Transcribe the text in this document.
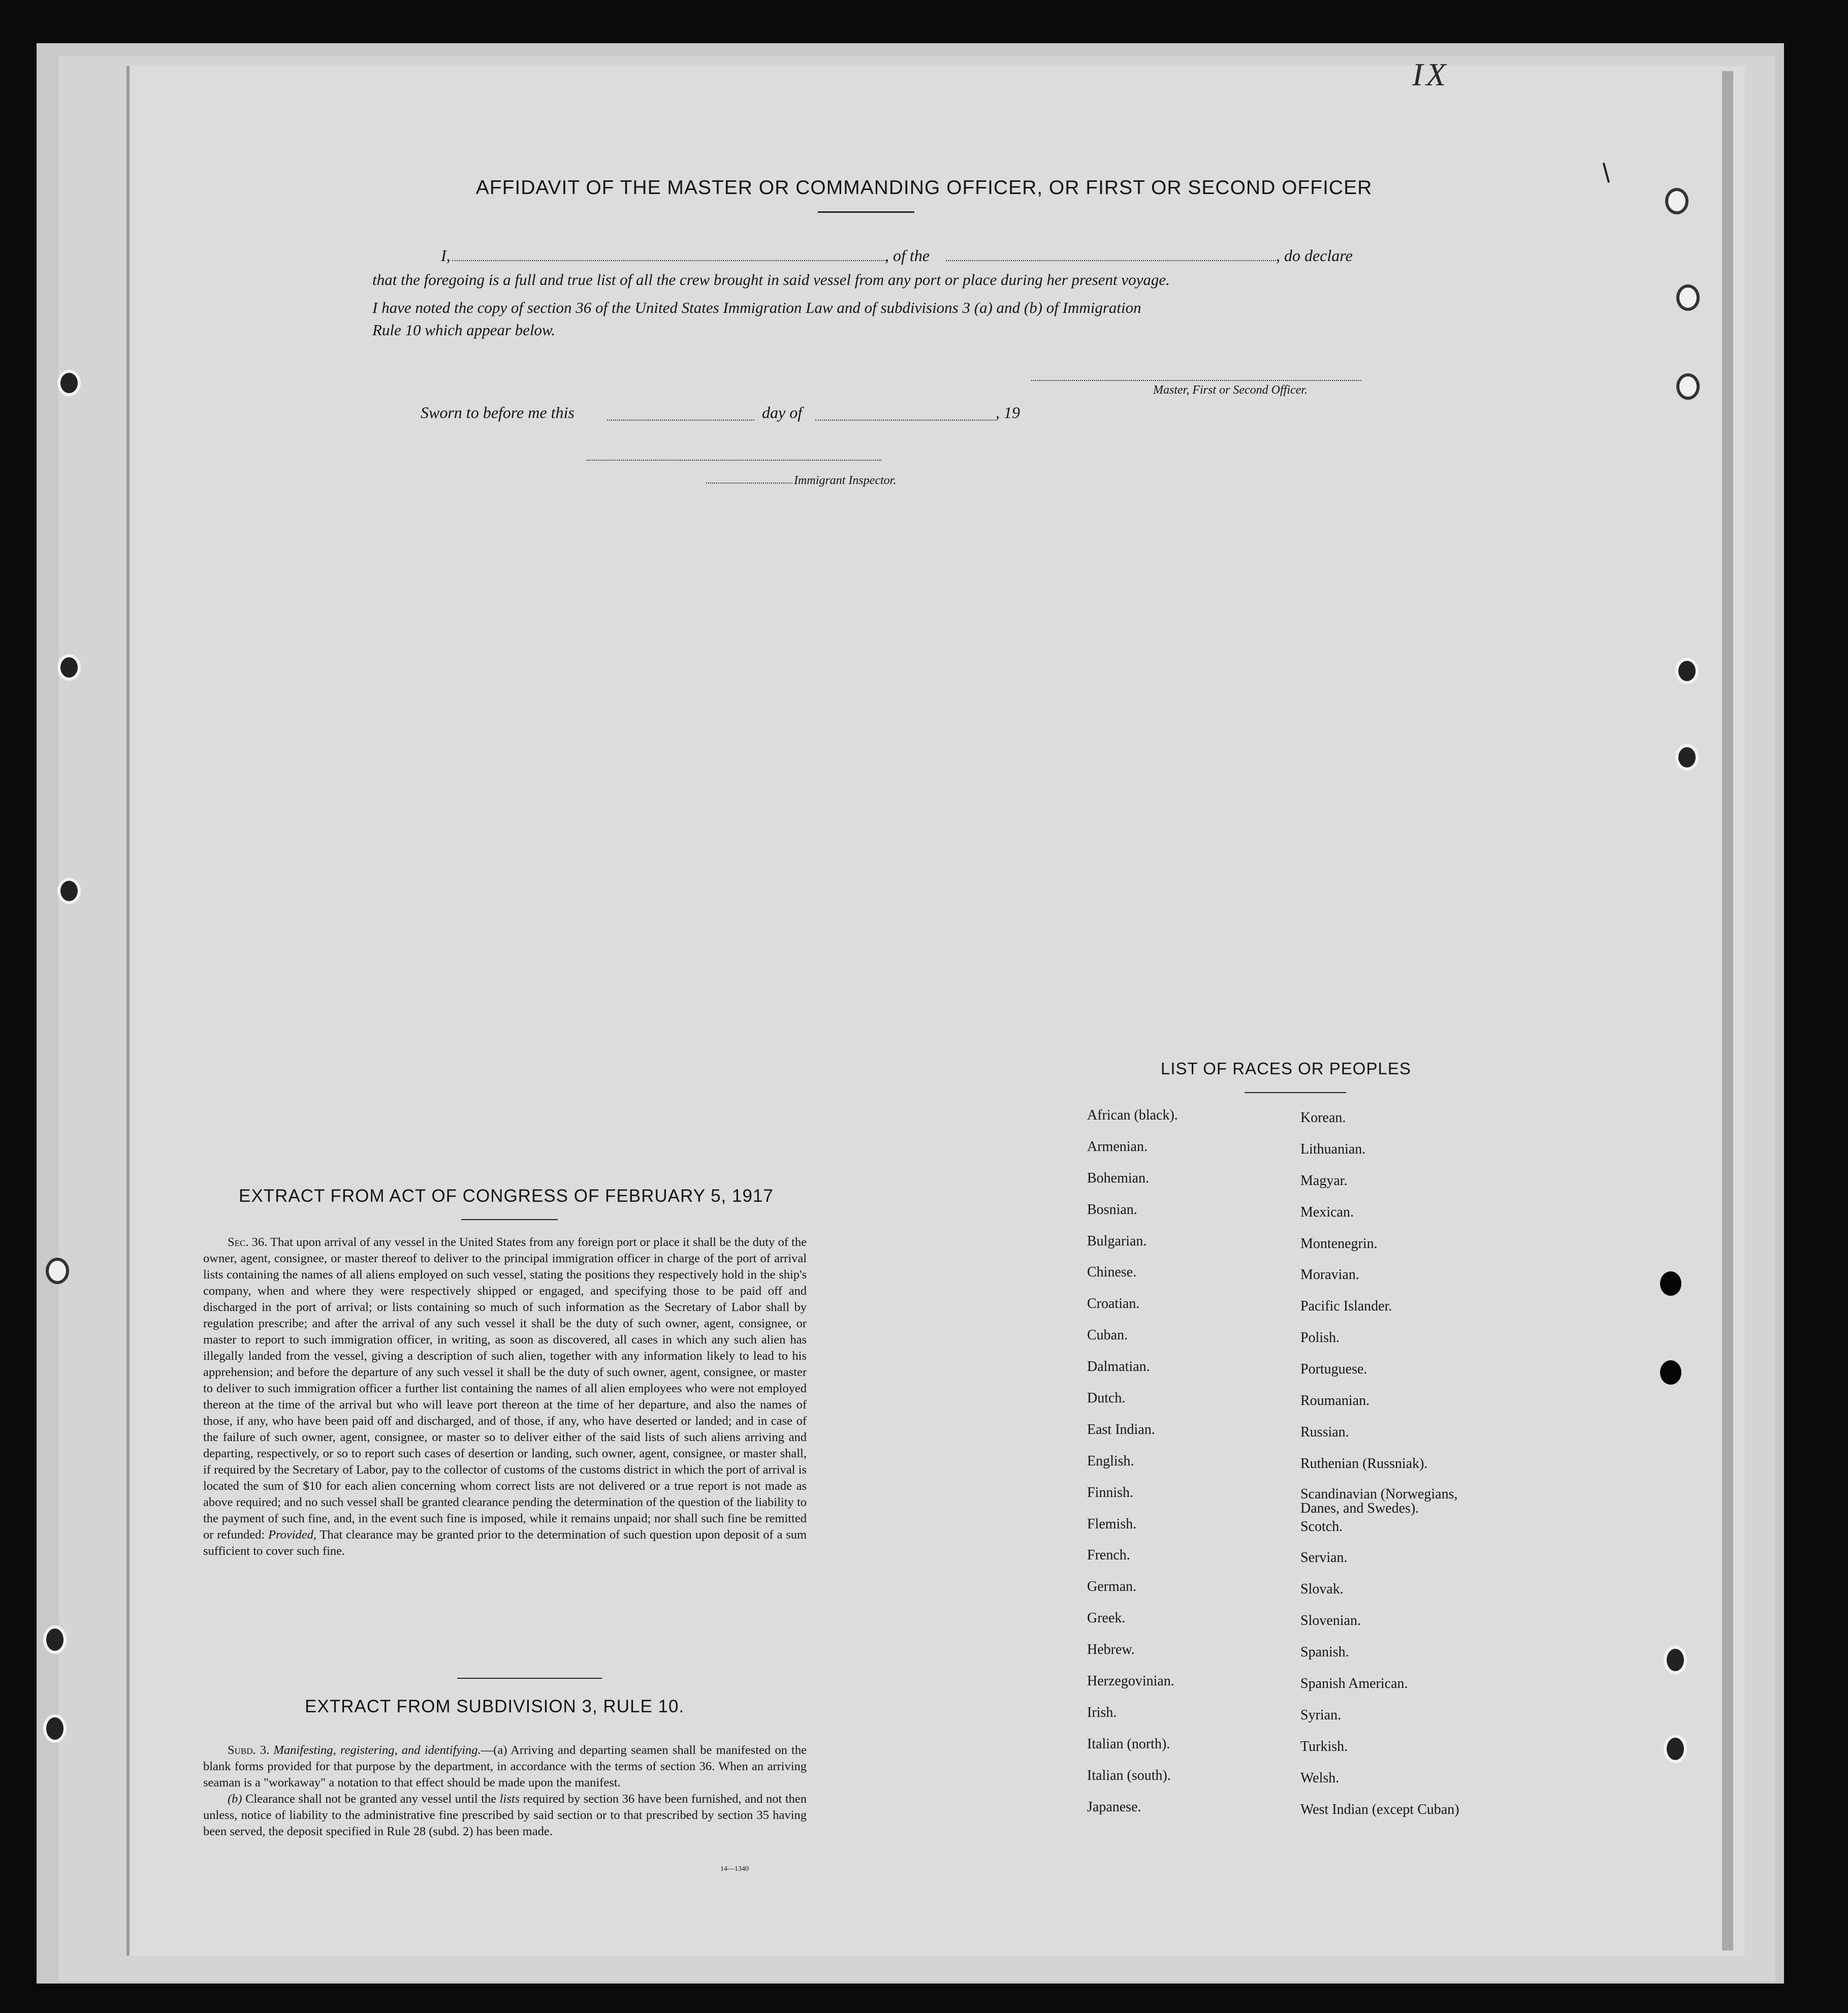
IX
AFFIDAVIT OF THE MASTER OR COMMANDING OFFICER, OR FIRST OR SECOND OFFICER
I,	, of the	, do declare
that the foregoing is a full and true list of all the crew brought in said vessel from any port or place during her present voyage.
I have noted the copy of section 36 of the United States Immigration Law and of subdivisions 3 (a) and (b) of Immigration
Rule 10 which appear below.
Master, First or Second Officer.
Sworn to before me this	day of	, 19
Immigrant Inspector.
EXTRACT FROM ACT OF CONGRESS OF FEBRUARY 5, 1917

Sec. 36. That upon arrival of any vessel in the United States from any foreign port or place it shall be the duty of the owner, agent, consignee, or master thereof to deliver to the principal immigration officer in charge of the port of arrival lists containing the names of all aliens employed on such vessel, stating the positions they respectively hold in the ship's company, when and where they were respectively shipped or engaged, and specifying those to be paid off and discharged in the port of arrival; or lists containing so much of such information as the Secretary of Labor shall by regulation prescribe; and after the arrival of any such vessel it shall be the duty of such owner, agent, consignee, or master to report to such immigration officer, in writing, as soon as discovered, all cases in which any such alien has illegally landed from the vessel, giving a description of such alien, together with any information likely to lead to his apprehension; and before the departure of any such vessel it shall be the duty of such owner, agent, consignee, or master to deliver to such immigration officer a further list containing the names of all alien employees who were not employed thereon at the time of the arrival but who will leave port thereon at the time of her departure, and also the names of those, if any, who have been paid off and discharged, and of those, if any, who have deserted or landed; and in case of the failure of such owner, agent, consignee, or master so to deliver either of the said lists of such aliens arriving and departing, respectively, or so to report such cases of desertion or landing, such owner, agent, consignee, or master shall, if required by the Secretary of Labor, pay to the collector of customs of the customs district in which the port of arrival is located the sum of $10 for each alien concerning whom correct lists are not delivered or a true report is not made as above required; and no such vessel shall be granted clearance pending the determination of the question of the liability to the payment of such fine, and, in the event such fine is imposed, while it remains unpaid; nor shall such fine be remitted or refunded: Provided, That clearance may be granted prior to the determination of such question upon deposit of a sum sufficient to cover such fine.

EXTRACT FROM SUBDIVISION 3, RULE 10.

Subd. 3. Manifesting, registering, and identifying.—(a) Arriving and departing seamen shall be manifested on the blank forms provided for that purpose by the department, in accordance with the terms of section 36. When an arriving seaman is a "workaway" a notation to that effect should be made upon the manifest.

(b) Clearance shall not be granted any vessel until the lists required by section 36 have been furnished, and not then unless, notice of liability to the administrative fine prescribed by said section or to that prescribed by section 35 having been served, the deposit specified in Rule 28 (subd. 2) has been made.

14—1340
LIST OF RACES OR PEOPLES
African (black).
Armenian.
Bohemian.
Bosnian.
Bulgarian.
Chinese.
Croatian.
Cuban.
Dalmatian.
Dutch.
East Indian.
English.
Finnish.
Flemish.
French.
German.
Greek.
Hebrew.
Herzegovinian.
Irish.
Italian (north).
Italian (south).
Japanese.
Korean.
Lithuanian.
Magyar.
Mexican.
Montenegrin.
Moravian.
Pacific Islander.
Polish.
Portuguese.
Roumanian.
Russian.
Ruthenian (Russniak).
Scandinavian (Norwegians, Danes, and Swedes).
Scotch.
Servian.
Slovak.
Slovenian.
Spanish.
Spanish American.
Syrian.
Turkish.
Welsh.
West Indian (except Cuban)
